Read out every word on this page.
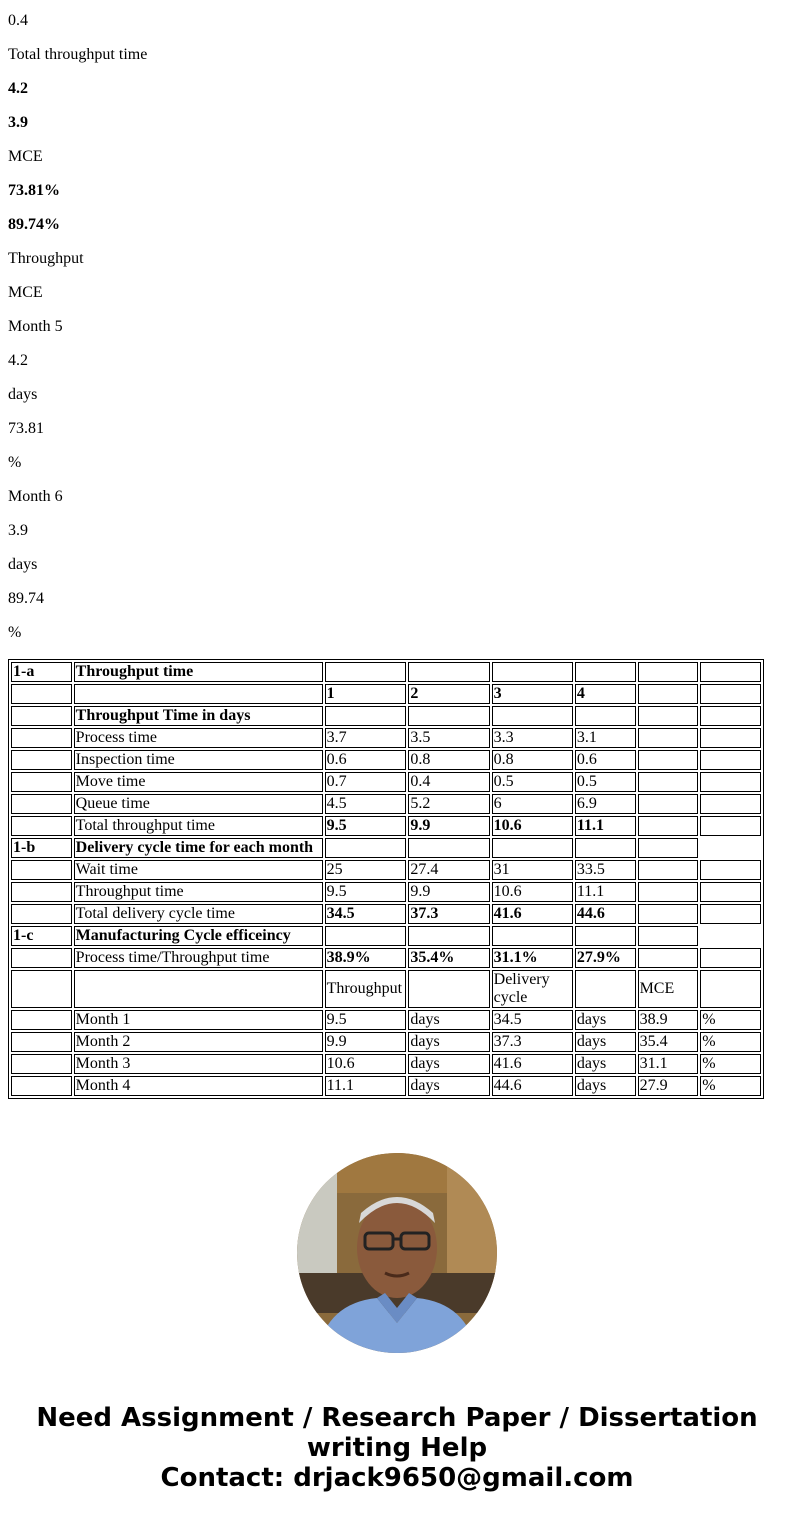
0.4

Total throughput time

4.2

3.9

MCE

73.81%

89.74%

Throughput

MCE

Month 5

4.2

days

73.81

%

Month 6

3.9

days

89.74

%

1-a	Throughput time						
		1	2	3	4		
	Throughput Time in days						
	Process time	3.7	3.5	3.3	3.1		
	Inspection time	0.6	0.8	0.8	0.6		
	Move time	0.7	0.4	0.5	0.5		
	Queue time	4.5	5.2	6	6.9		
	Total throughput time	9.5	9.9	10.6	11.1		
1-b	Delivery cycle time for each month						
	Wait time	25	27.4	31	33.5		
	Throughput time	9.5	9.9	10.6	11.1		
	Total delivery cycle time	34.5	37.3	41.6	44.6		
1-c	Manufacturing Cycle efficeincy						
	Process time/Throughput time	38.9%	35.4%	31.1%	27.9%		
		Throughput		Delivery cycle		MCE	
	Month 1	9.5	days	34.5	days	38.9	%
	Month 2	9.9	days	37.3	days	35.4	%
	Month 3	10.6	days	41.6	days	31.1	%
	Month 4	11.1	days	44.6	days	27.9	%
Need Assignment / Research Paper / Dissertation
writing Help
Contact: drjack9650@gmail.com
